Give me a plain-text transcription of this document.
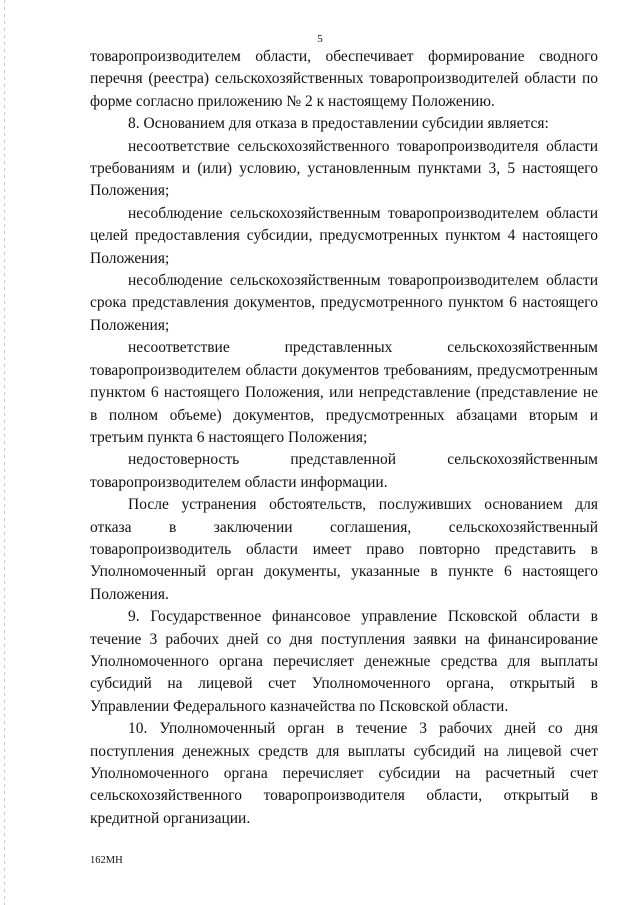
5

товаропроизводителем области, обеспечивает формирование сводного перечня (реестра) сельскохозяйственных товаропроизводителей области по форме согласно приложению № 2 к настоящему Положению.

8. Основанием для отказа в предоставлении субсидии является:

несоответствие сельскохозяйственного товаропроизводителя области требованиям и (или) условию, установленным пунктами 3, 5 настоящего Положения;

несоблюдение сельскохозяйственным товаропроизводителем области целей предоставления субсидии, предусмотренных пунктом 4 настоящего Положения;

несоблюдение сельскохозяйственным товаропроизводителем области срока представления документов, предусмотренного пунктом 6 настоящего Положения;

несоответствие представленных сельскохозяйственным товаропроизводителем области документов требованиям, предусмотренным пунктом 6 настоящего Положения, или непредставление (представление не в полном объеме) документов, предусмотренных абзацами вторым и третьим пункта 6 настоящего Положения;

недостоверность представленной сельскохозяйственным товаропроизводителем области информации.

После устранения обстоятельств, послуживших основанием для отказа в заключении соглашения, сельскохозяйственный товаропроизводитель области имеет право повторно представить в Уполномоченный орган документы, указанные в пункте 6 настоящего Положения.

9. Государственное финансовое управление Псковской области в течение 3 рабочих дней со дня поступления заявки на финансирование Уполномоченного органа перечисляет денежные средства для выплаты субсидий на лицевой счет Уполномоченного органа, открытый в Управлении Федерального казначейства по Псковской области.

10. Уполномоченный орган в течение 3 рабочих дней со дня поступления денежных средств для выплаты субсидий на лицевой счет Уполномоченного органа перечисляет субсидии на расчетный счет сельскохозяйственного товаропроизводителя области, открытый в кредитной организации.

162МН
